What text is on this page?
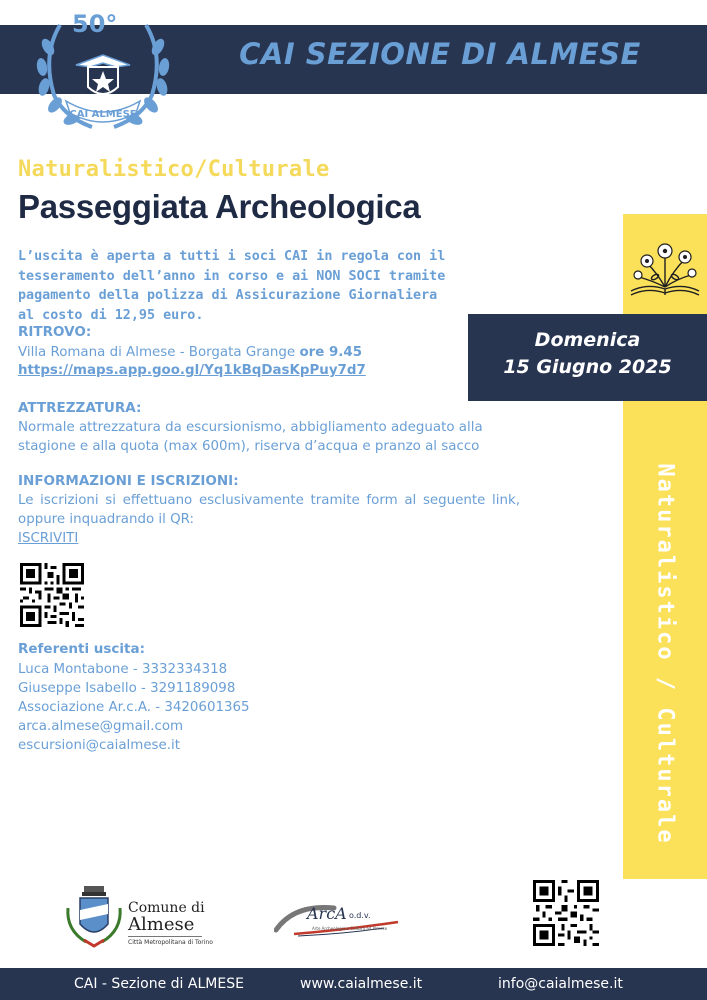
CAI SEZIONE DI ALMESE
CAI ALMESE
50°
Naturalistico/Culturale
Passeggiata Archeologica
L’uscita è aperta a tutti i soci CAI in regola con il tesseramento dell’anno in corso e ai NON SOCI tramite pagamento della polizza di Assicurazione Giornaliera al costo di 12,95 euro.
Naturalistico / Culturale
Domenica
15 Giugno 2025
RITROVO:
Villa Romana di Almese - Borgata Grange ore 9.45
https://maps.app.goo.gl/Yq1kBqDasKpPuy7d7
ATTREZZATURA:
Normale attrezzatura da escursionismo, abbigliamento adeguato alla stagione e alla quota (max 600m), riserva d’acqua e pranzo al sacco
INFORMAZIONI E ISCRIZIONI:
Le iscrizioni si effettuano esclusivamente tramite form al seguente link, oppure inquadrando il QR:
ISCRIVITI
Referenti uscita:
Luca Montabone - 3332334318
Giuseppe Isabello - 3291189098
Associazione Ar.c.A. - 3420601365
arca.almese@gmail.com
escursioni@caialmese.it
Comune di
Almese
Città Metropolitana di Torino
ArcA o.d.v.
Arte Archeologia e Cultura ad Almese
CAI - Sezione di ALMESE	www.caialmese.it	info@caialmese.it
